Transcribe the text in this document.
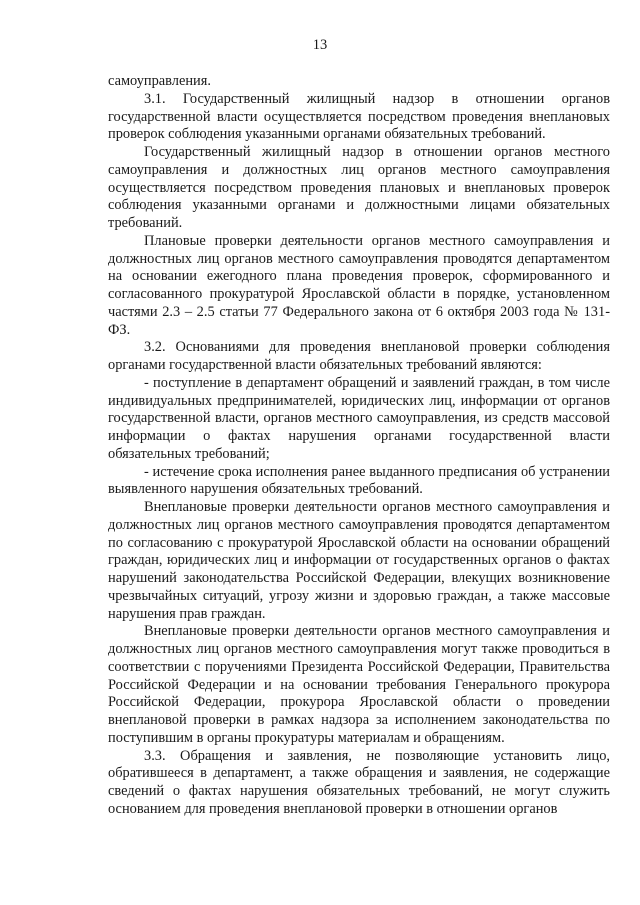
13

самоуправления.

3.1. Государственный жилищный надзор в отношении органов государственной власти осуществляется посредством проведения внеплановых проверок соблюдения указанными органами обязательных требований.

Государственный жилищный надзор в отношении органов местного самоуправления и должностных лиц органов местного самоуправления осуществляется посредством проведения плановых и внеплановых проверок соблюдения указанными органами и должностными лицами обязательных требований.

Плановые проверки деятельности органов местного самоуправления и должностных лиц органов местного самоуправления проводятся департаментом на основании ежегодного плана проведения проверок, сформированного и согласованного прокуратурой Ярославской области в порядке, установленном частями 2.3 – 2.5 статьи 77 Федерального закона от 6 октября 2003 года № 131-ФЗ.

3.2. Основаниями для проведения внеплановой проверки соблюдения органами государственной власти обязательных требований являются:

- поступление в департамент обращений и заявлений граждан, в том числе индивидуальных предпринимателей, юридических лиц, информации от органов государственной власти, органов местного самоуправления, из средств массовой информации о фактах нарушения органами государственной власти обязательных требований;

- истечение срока исполнения ранее выданного предписания об устранении выявленного нарушения обязательных требований.

Внеплановые проверки деятельности органов местного самоуправления и должностных лиц органов местного самоуправления проводятся департаментом по согласованию с прокуратурой Ярославской области на основании обращений граждан, юридических лиц и информации от государственных органов о фактах нарушений законодательства Российской Федерации, влекущих возникновение чрезвычайных ситуаций, угрозу жизни и здоровью граждан, а также массовые нарушения прав граждан.

Внеплановые проверки деятельности органов местного самоуправления и должностных лиц органов местного самоуправления могут также проводиться в соответствии с поручениями Президента Российской Федерации, Правительства Российской Федерации и на основании требования Генерального прокурора Российской Федерации, прокурора Ярославской области о проведении внеплановой проверки в рамках надзора за исполнением законодательства по поступившим в органы прокуратуры материалам и обращениям.

3.3. Обращения и заявления, не позволяющие установить лицо, обратившееся в департамент, а также обращения и заявления, не содержащие сведений о фактах нарушения обязательных требований, не могут служить основанием для проведения внеплановой проверки в отношении органов
